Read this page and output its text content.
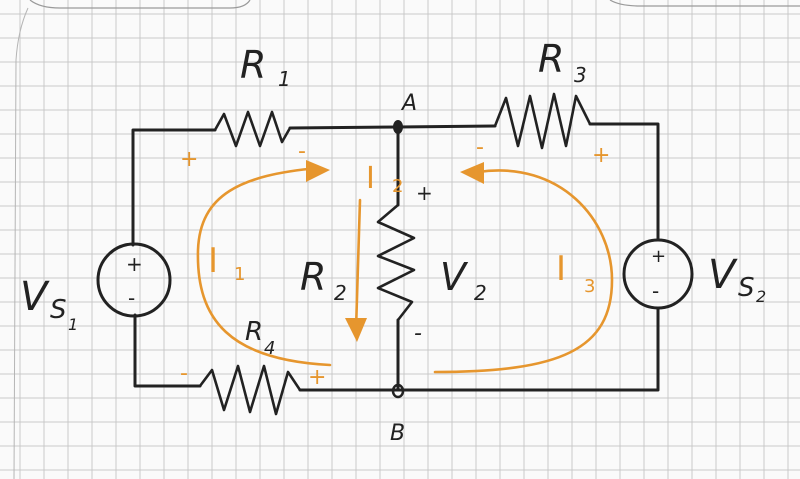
+
-
+
-
A
B
R 1	R 3
R
4
R 2 V 2
+
-
V S 1
V S 2
I 1
I 2
I 3
+	-	-	+
-	+
